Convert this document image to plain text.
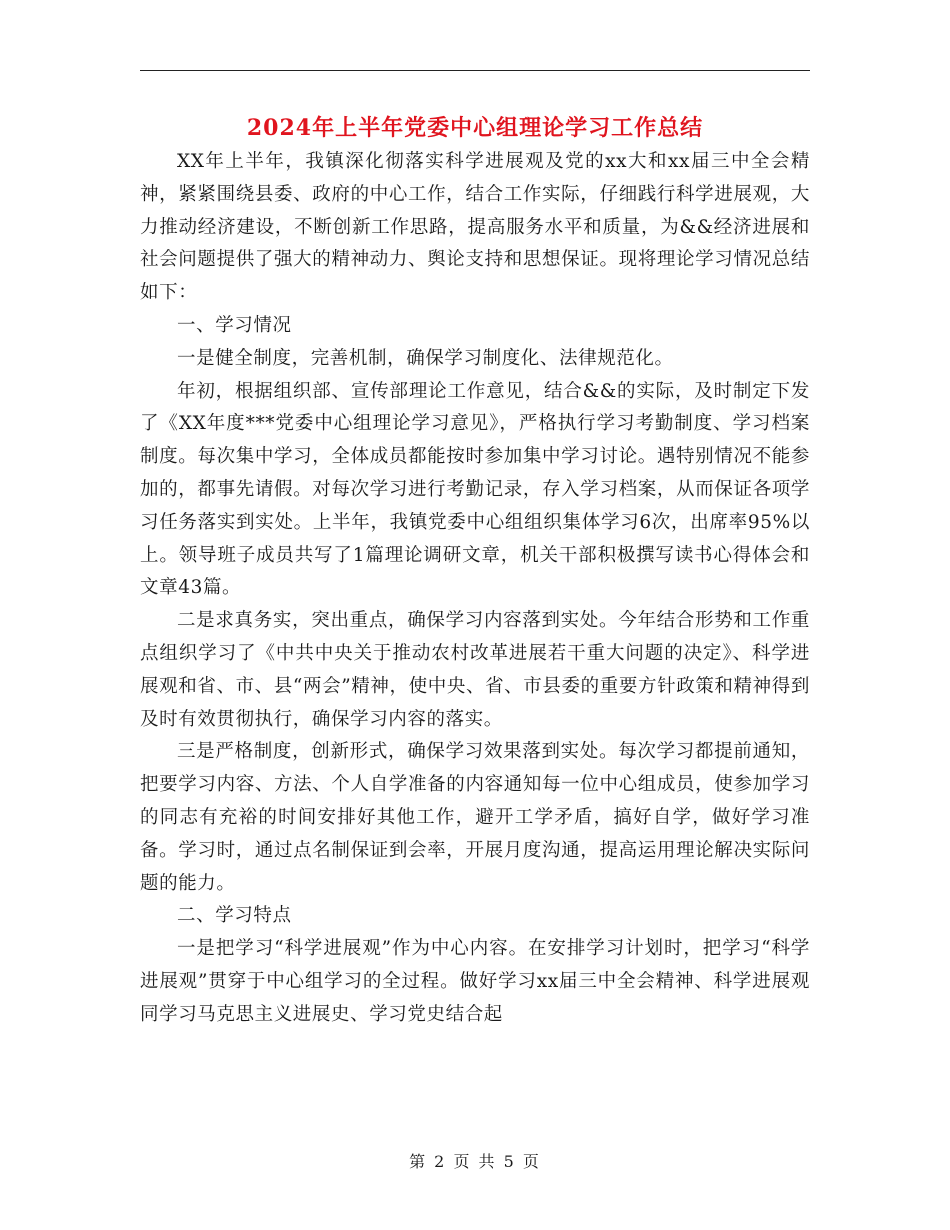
2024年上半年党委中心组理论学习工作总结

XX年上半年，我镇深化彻落实科学进展观及党的xx大和xx届三中全会精神，紧紧围绕县委、政府的中心工作，结合工作实际，仔细践行科学进展观，大力推动经济建设，不断创新工作思路，提高服务水平和质量，为&&经济进展和社会问题提供了强大的精神动力、舆论支持和思想保证。现将理论学习情况总结如下：

一、学习情况

一是健全制度，完善机制，确保学习制度化、法律规范化。

年初，根据组织部、宣传部理论工作意见，结合&&的实际，及时制定下发了《XX年度***党委中心组理论学习意见》，严格执行学习考勤制度、学习档案制度。每次集中学习，全体成员都能按时参加集中学习讨论。遇特别情况不能参加的，都事先请假。对每次学习进行考勤记录，存入学习档案，从而保证各项学习任务落实到实处。上半年，我镇党委中心组组织集体学习6次，出席率95%以上。领导班子成员共写了1篇理论调研文章，机关干部积极撰写读书心得体会和文章43篇。

二是求真务实，突出重点，确保学习内容落到实处。今年结合形势和工作重点组织学习了《中共中央关于推动农村改革进展若干重大问题的决定》、科学进展观和省、市、县“两会”精神，使中央、省、市县委的重要方针政策和精神得到及时有效贯彻执行，确保学习内容的落实。

三是严格制度，创新形式，确保学习效果落到实处。每次学习都提前通知，把要学习内容、方法、个人自学准备的内容通知每一位中心组成员，使参加学习的同志有充裕的时间安排好其他工作，避开工学矛盾，搞好自学，做好学习准备。学习时，通过点名制保证到会率，开展月度沟通，提高运用理论解决实际问题的能力。

二、学习特点

一是把学习“科学进展观”作为中心内容。在安排学习计划时，把学习“科学进展观”贯穿于中心组学习的全过程。做好学习xx届三中全会精神、科学进展观同学习马克思主义进展史、学习党史结合起

第 2 页 共 5 页
